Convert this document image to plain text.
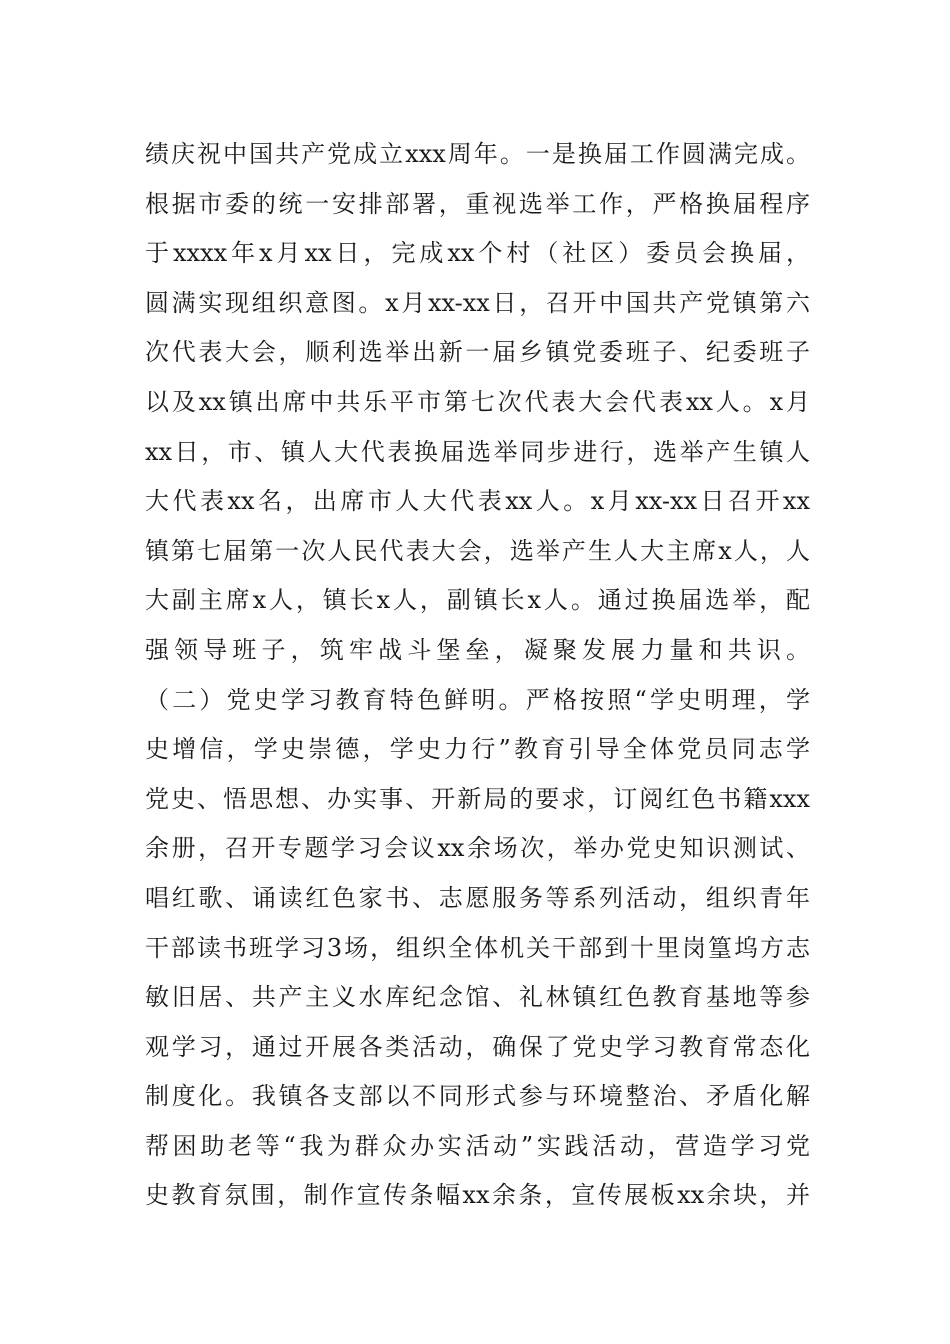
绩庆祝中国共产党成立xxx周年。一是换届工作圆满完成。
根据市委的统一安排部署，重视选举工作，严格换届程序
于xxxx年x月xx日，完成xx个村（社区）委员会换届，
圆满实现组织意图。x月xx-xx日，召开中国共产党镇第六
次代表大会，顺利选举出新一届乡镇党委班子、纪委班子
以及xx镇出席中共乐平市第七次代表大会代表xx人。x月
xx日，市、镇人大代表换届选举同步进行，选举产生镇人
大代表xx名，出席市人大代表xx人。x月xx-xx日召开xx
镇第七届第一次人民代表大会，选举产生人大主席x人，人
大副主席x人，镇长x人，副镇长x人。通过换届选举，配
强领导班子，筑牢战斗堡垒，凝聚发展力量和共识。
（二）党史学习教育特色鲜明。严格按照“学史明理，学
史增信，学史崇德，学史力行”教育引导全体党员同志学
党史、悟思想、办实事、开新局的要求，订阅红色书籍xxx
余册，召开专题学习会议xx余场次，举办党史知识测试、
唱红歌、诵读红色家书、志愿服务等系列活动，组织青年
干部读书班学习3场，组织全体机关干部到十里岗篁坞方志
敏旧居、共产主义水库纪念馆、礼林镇红色教育基地等参
观学习，通过开展各类活动，确保了党史学习教育常态化
制度化。我镇各支部以不同形式参与环境整治、矛盾化解
帮困助老等“我为群众办实活动”实践活动，营造学习党
史教育氛围，制作宣传条幅xx余条，宣传展板xx余块，并
